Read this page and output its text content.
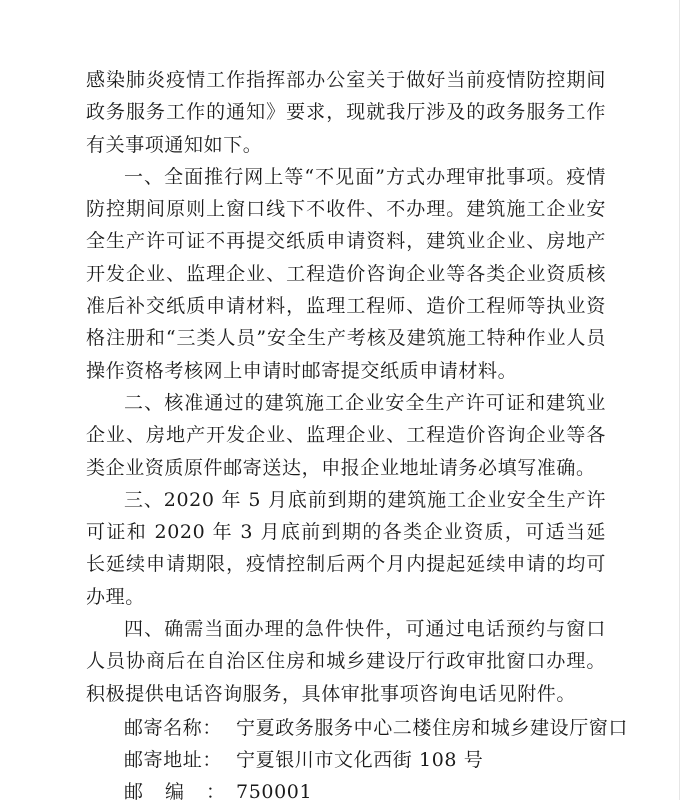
感染肺炎疫情工作指挥部办公室关于做好当前疫情防控期间政务服务工作的通知》要求，现就我厅涉及的政务服务工作有关事项通知如下。

一、全面推行网上等“不见面”方式办理审批事项。疫情防控期间原则上窗口线下不收件、不办理。建筑施工企业安全生产许可证不再提交纸质申请资料，建筑业企业、房地产开发企业、监理企业、工程造价咨询企业等各类企业资质核准后补交纸质申请材料，监理工程师、造价工程师等执业资格注册和“三类人员”安全生产考核及建筑施工特种作业人员操作资格考核网上申请时邮寄提交纸质申请材料。

二、核准通过的建筑施工企业安全生产许可证和建筑业企业、房地产开发企业、监理企业、工程造价咨询企业等各类企业资质原件邮寄送达，申报企业地址请务必填写准确。

三、2020 年 5 月底前到期的建筑施工企业安全生产许可证和 2020 年 3 月底前到期的各类企业资质，可适当延长延续申请期限，疫情控制后两个月内提起延续申请的均可办理。

四、确需当面办理的急件快件，可通过电话预约与窗口人员协商后在自治区住房和城乡建设厅行政审批窗口办理。积极提供电话咨询服务，具体审批事项咨询电话见附件。

邮寄名称： 宁夏政务服务中心二楼住房和城乡建设厅窗口
邮寄地址： 宁夏银川市文化西街 108 号
邮编：
750001
